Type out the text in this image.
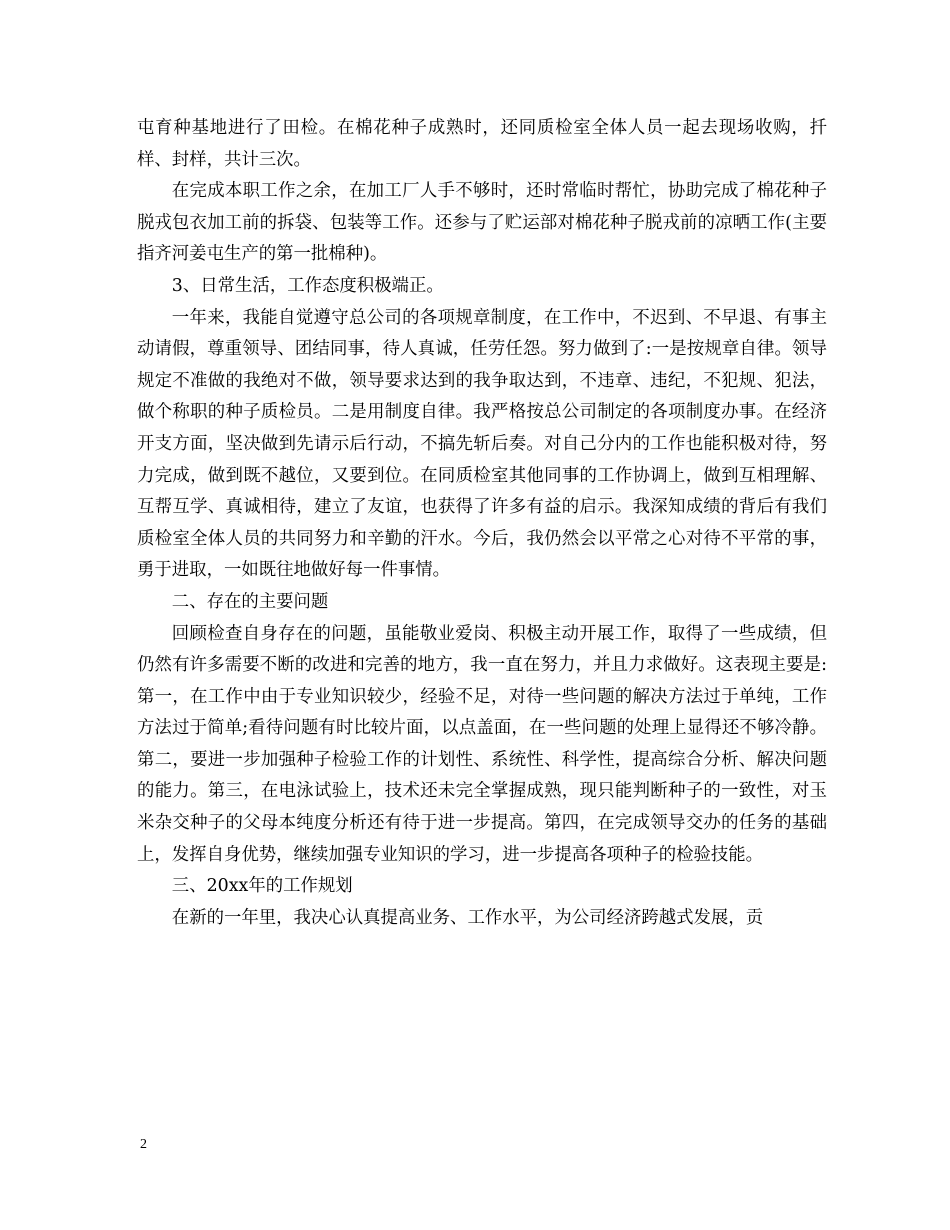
屯育种基地进行了田检。在棉花种子成熟时，还同质检室全体人员一起去现场收购，扦样、封样，共计三次。

在完成本职工作之余，在加工厂人手不够时，还时常临时帮忙，协助完成了棉花种子脱戎包衣加工前的拆袋、包装等工作。还参与了贮运部对棉花种子脱戎前的凉晒工作(主要指齐河姜屯生产的第一批棉种)。

3、日常生活，工作态度积极端正。

一年来，我能自觉遵守总公司的各项规章制度，在工作中，不迟到、不早退、有事主动请假，尊重领导、团结同事，待人真诚，任劳任怨。努力做到了:一是按规章自律。领导规定不准做的我绝对不做，领导要求达到的我争取达到，不违章、违纪，不犯规、犯法，做个称职的种子质检员。二是用制度自律。我严格按总公司制定的各项制度办事。在经济开支方面，坚决做到先请示后行动，不搞先斩后奏。对自己分内的工作也能积极对待，努力完成，做到既不越位，又要到位。在同质检室其他同事的工作协调上，做到互相理解、互帮互学、真诚相待，建立了友谊，也获得了许多有益的启示。我深知成绩的背后有我们质检室全体人员的共同努力和辛勤的汗水。今后，我仍然会以平常之心对待不平常的事，勇于进取，一如既往地做好每一件事情。

二、存在的主要问题

回顾检查自身存在的问题，虽能敬业爱岗、积极主动开展工作，取得了一些成绩，但仍然有许多需要不断的改进和完善的地方，我一直在努力，并且力求做好。这表现主要是:第一，在工作中由于专业知识较少，经验不足，对待一些问题的解决方法过于单纯，工作方法过于简单;看待问题有时比较片面，以点盖面，在一些问题的处理上显得还不够冷静。第二，要进一步加强种子检验工作的计划性、系统性、科学性，提高综合分析、解决问题的能力。第三，在电泳试验上，技术还未完全掌握成熟，现只能判断种子的一致性，对玉米杂交种子的父母本纯度分析还有待于进一步提高。第四，在完成领导交办的任务的基础上，发挥自身优势，继续加强专业知识的学习，进一步提高各项种子的检验技能。

三、20xx年的工作规划

在新的一年里，我决心认真提高业务、工作水平，为公司经济跨越式发展，贡

2
